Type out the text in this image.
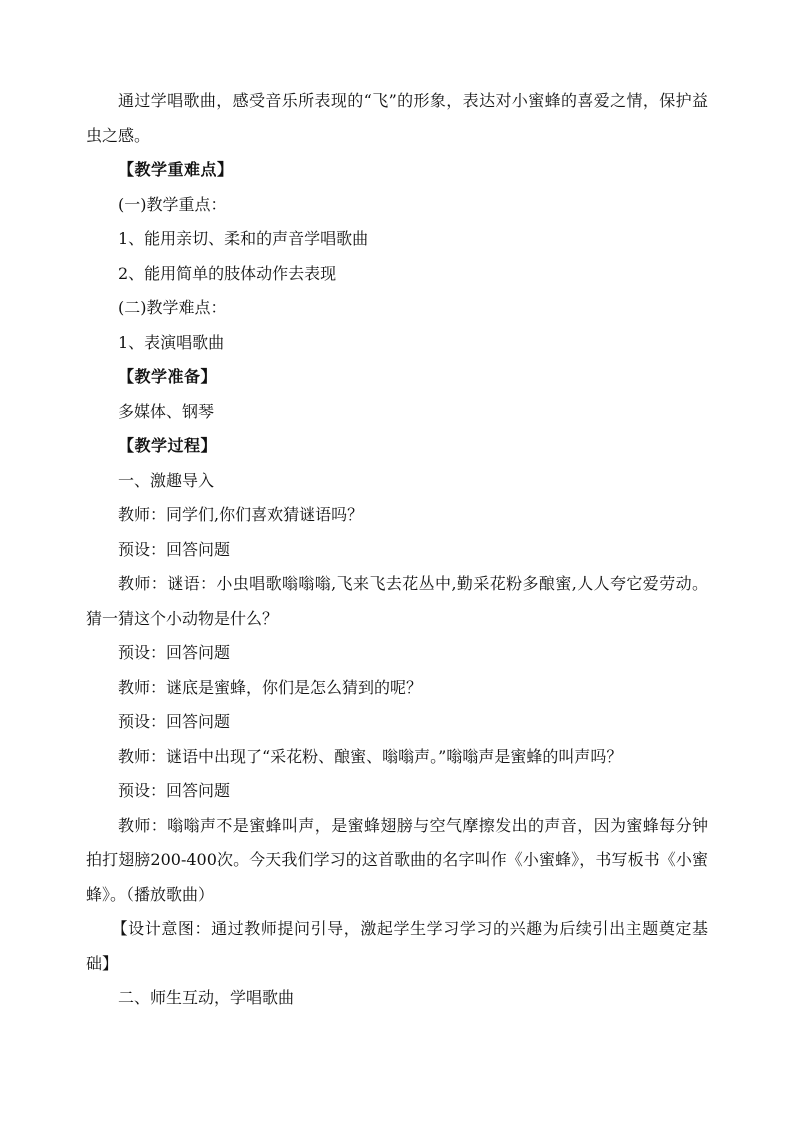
通过学唱歌曲，感受音乐所表现的“飞”的形象，表达对小蜜蜂的喜爱之情，保护益虫之感。

【教学重难点】

(一)教学重点：

1、能用亲切、柔和的声音学唱歌曲

2、能用简单的肢体动作去表现

(二)教学难点：

1、表演唱歌曲

【教学准备】

多媒体、钢琴

【教学过程】

一、激趣导入

教师：同学们,你们喜欢猜谜语吗？

预设：回答问题

教师：谜语：小虫唱歌嗡嗡嗡,飞来飞去花丛中,勤采花粉多酿蜜,人人夸它爱劳动。猜一猜这个小动物是什么？

预设：回答问题

教师：谜底是蜜蜂，你们是怎么猜到的呢？

预设：回答问题

教师：谜语中出现了“采花粉、酿蜜、嗡嗡声。”嗡嗡声是蜜蜂的叫声吗？

预设：回答问题

教师：嗡嗡声不是蜜蜂叫声，是蜜蜂翅膀与空气摩擦发出的声音，因为蜜蜂每分钟拍打翅膀200-400次。今天我们学习的这首歌曲的名字叫作《小蜜蜂》，书写板书《小蜜蜂》。（播放歌曲）

【设计意图：通过教师提问引导，激起学生学习学习的兴趣为后续引出主题奠定基础】

二、师生互动，学唱歌曲
